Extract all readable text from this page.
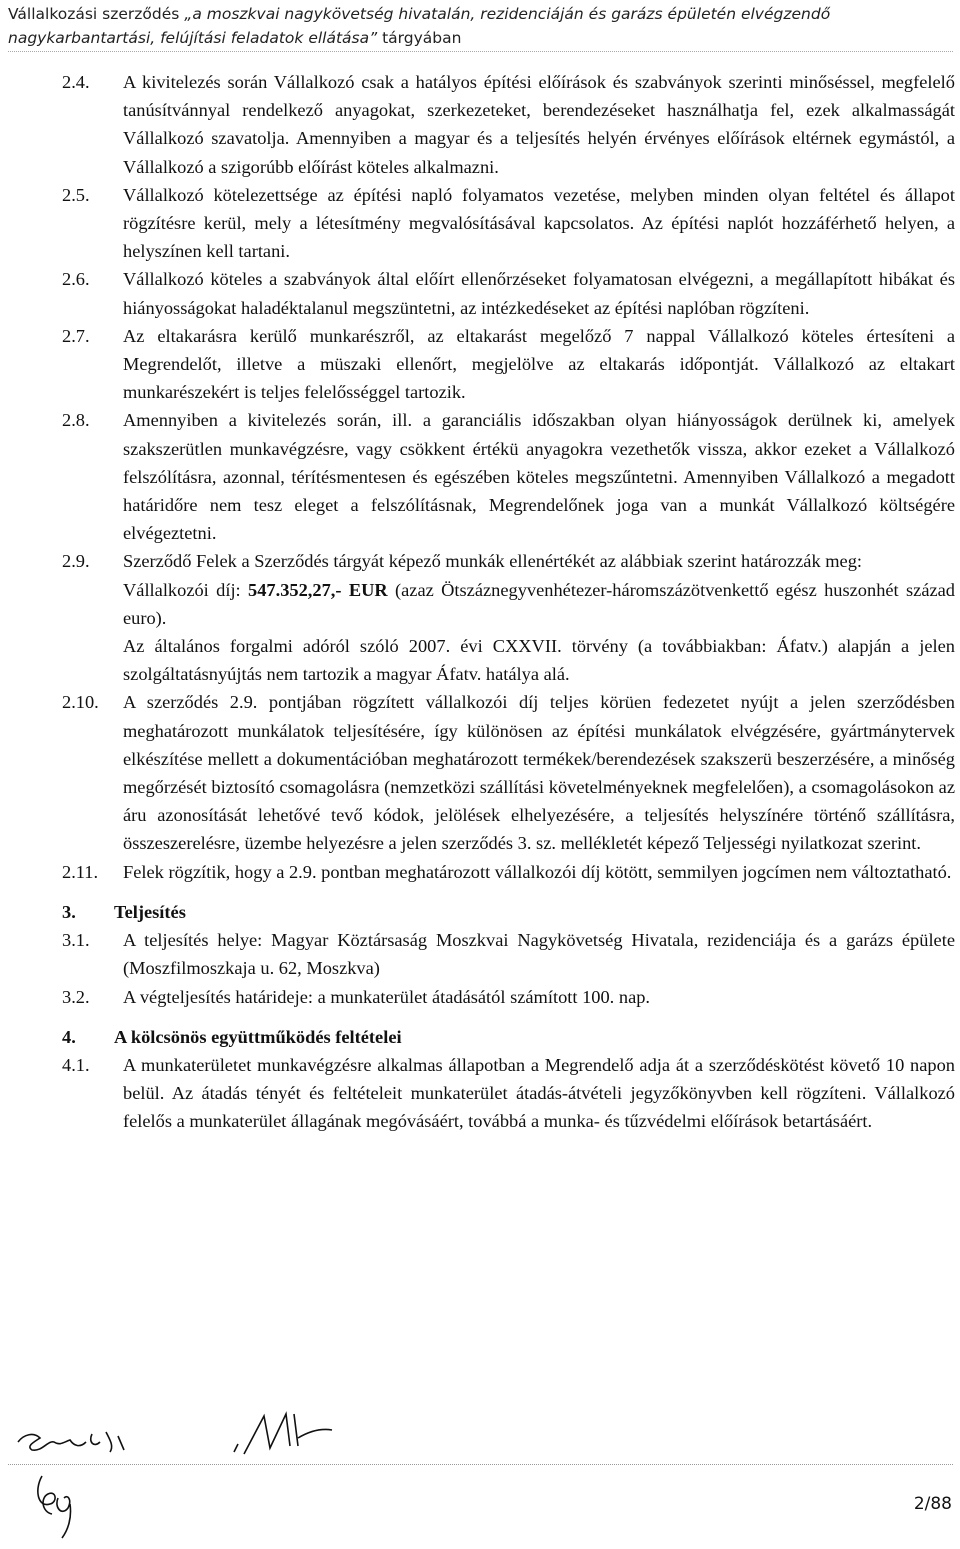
Vállalkozási szerződés „a moszkvai nagykövetség hivatalán, rezidenciáján és garázs épületén elvégzendő
nagykarbantartási, felújítási feladatok ellátása” tárgyában
2.4.	A kivitelezés során Vállalkozó csak a hatályos építési előírások és szabványok szerinti minőséssel, megfelelő tanúsítvánnyal rendelkező anyagokat, szerkezeteket, berendezéseket használhatja fel, ezek alkalmasságát Vállalkozó szavatolja. Amennyiben a magyar és a teljesítés helyén érvényes előírások eltérnek egymástól, a Vállalkozó a szigorúbb előírást köteles alkalmazni.

2.5.	Vállalkozó kötelezettsége az építési napló folyamatos vezetése, melyben minden olyan feltétel és állapot rögzítésre kerül, mely a létesítmény megvalósításával kapcsolatos. Az építési naplót hozzáférhető helyen, a helyszínen kell tartani.

2.6.	Vállalkozó köteles a szabványok által előírt ellenőrzéseket folyamatosan elvégezni, a megállapított hibákat és hiányosságokat haladéktalanul megszüntetni, az intézkedéseket az építési naplóban rögzíteni.

2.7.	Az eltakarásra kerülő munkarészről, az eltakarást megelőző 7 nappal Vállalkozó köteles értesíteni a Megrendelőt, illetve a müszaki ellenőrt, megjelölve az eltakarás időpontját. Vállalkozó az eltakart munkarészekért is teljes felelősséggel tartozik.

2.8.	Amennyiben a kivitelezés során, ill. a garanciális időszakban olyan hiányosságok derülnek ki, amelyek szakszerütlen munkavégzésre, vagy csökkent értékü anyagokra vezethetők vissza, akkor ezeket a Vállalkozó felszólításra, azonnal, térítésmentesen és egészében köteles megszűntetni. Amennyiben Vállalkozó a megadott határidőre nem tesz eleget a felszólításnak, Megrendelőnek joga van a munkát Vállalkozó költségére elvégeztetni.

2.9.	Szerződő Felek a Szerződés tárgyát képező munkák ellenértékét az alábbiak szerint határozzák meg:

Vállalkozói díj: 547.352,27,- EUR (azaz Ötszáznegyvenhétezer-háromszázötvenkettő egész huszonhét század euro).

Az általános forgalmi adóról szóló 2007. évi CXXVII. törvény (a továbbiakban: Áfatv.) alapján a jelen szolgáltatásnyújtás nem tartozik a magyar Áfatv. hatálya alá.

2.10.	A szerződés 2.9. pontjában rögzített vállalkozói díj teljes körüen fedezetet nyújt a jelen szerződésben meghatározott munkálatok teljesítésére, így különösen az építési munkálatok elvégzésére, gyártmánytervek elkészítése mellett a dokumentációban meghatározott termékek/berendezések szakszerü beszerzésére, a minőség megőrzését biztosító csomagolásra (nemzetközi szállítási követelményeknek megfelelően), a csomagolásokon az áru azonosítását lehetővé tevő kódok, jelölések elhelyezésére, a teljesítés helyszínére történő szállításra, összeszerelésre, üzembe helyezésre a jelen szerződés 3. sz. mellékletét képező Teljességi nyilatkozat szerint.

2.11.	Felek rögzítik, hogy a 2.9. pontban meghatározott vállalkozói díj kötött, semmilyen jogcímen nem változtatható.

3.	Teljesítés
3.1.	A teljesítés helye: Magyar Köztársaság Moszkvai Nagykövetség Hivatala, rezidenciája és a garázs épülete (Moszfilmoszkaja u. 62, Moszkva)

3.2.	A végteljesítés határideje: a munkaterület átadásától számított 100. nap.

4.	A kölcsönös együttműködés feltételei
4.1.	A munkaterületet munkavégzésre alkalmas állapotban a Megrendelő adja át a szerződéskötést követő 10 napon belül. Az átadás tényét és feltételeit munkaterület átadás-átvételi jegyzőkönyvben kell rögzíteni. Vállalkozó felelős a munkaterület állagának megóvásáért, továbbá a munka- és tűzvédelmi előírások betartásáért.

2/88
